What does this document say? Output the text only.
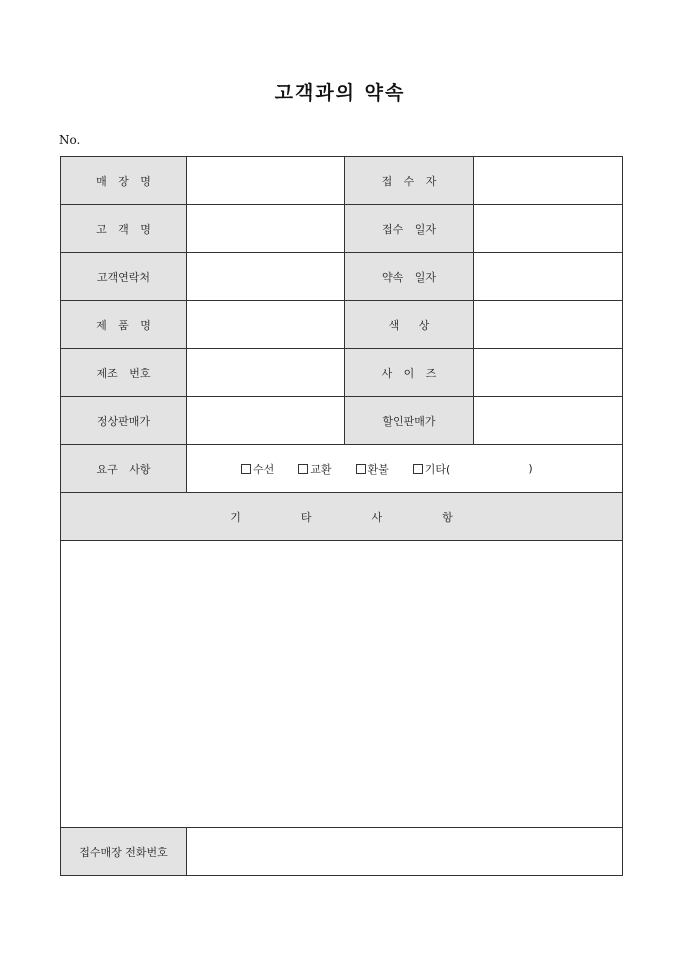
고객과의 약속
No.
매 장 명		접 수 자	
고 객 명		접수 일자	
고객연락처		약속 일자	
제 품 명		색 상	
제조 번호		사 이 즈	
정상판매가		할인판매가	
요구 사항	수선 교환 환불 기타( )		

기 타 사 항			

접수매장 전화번호			
